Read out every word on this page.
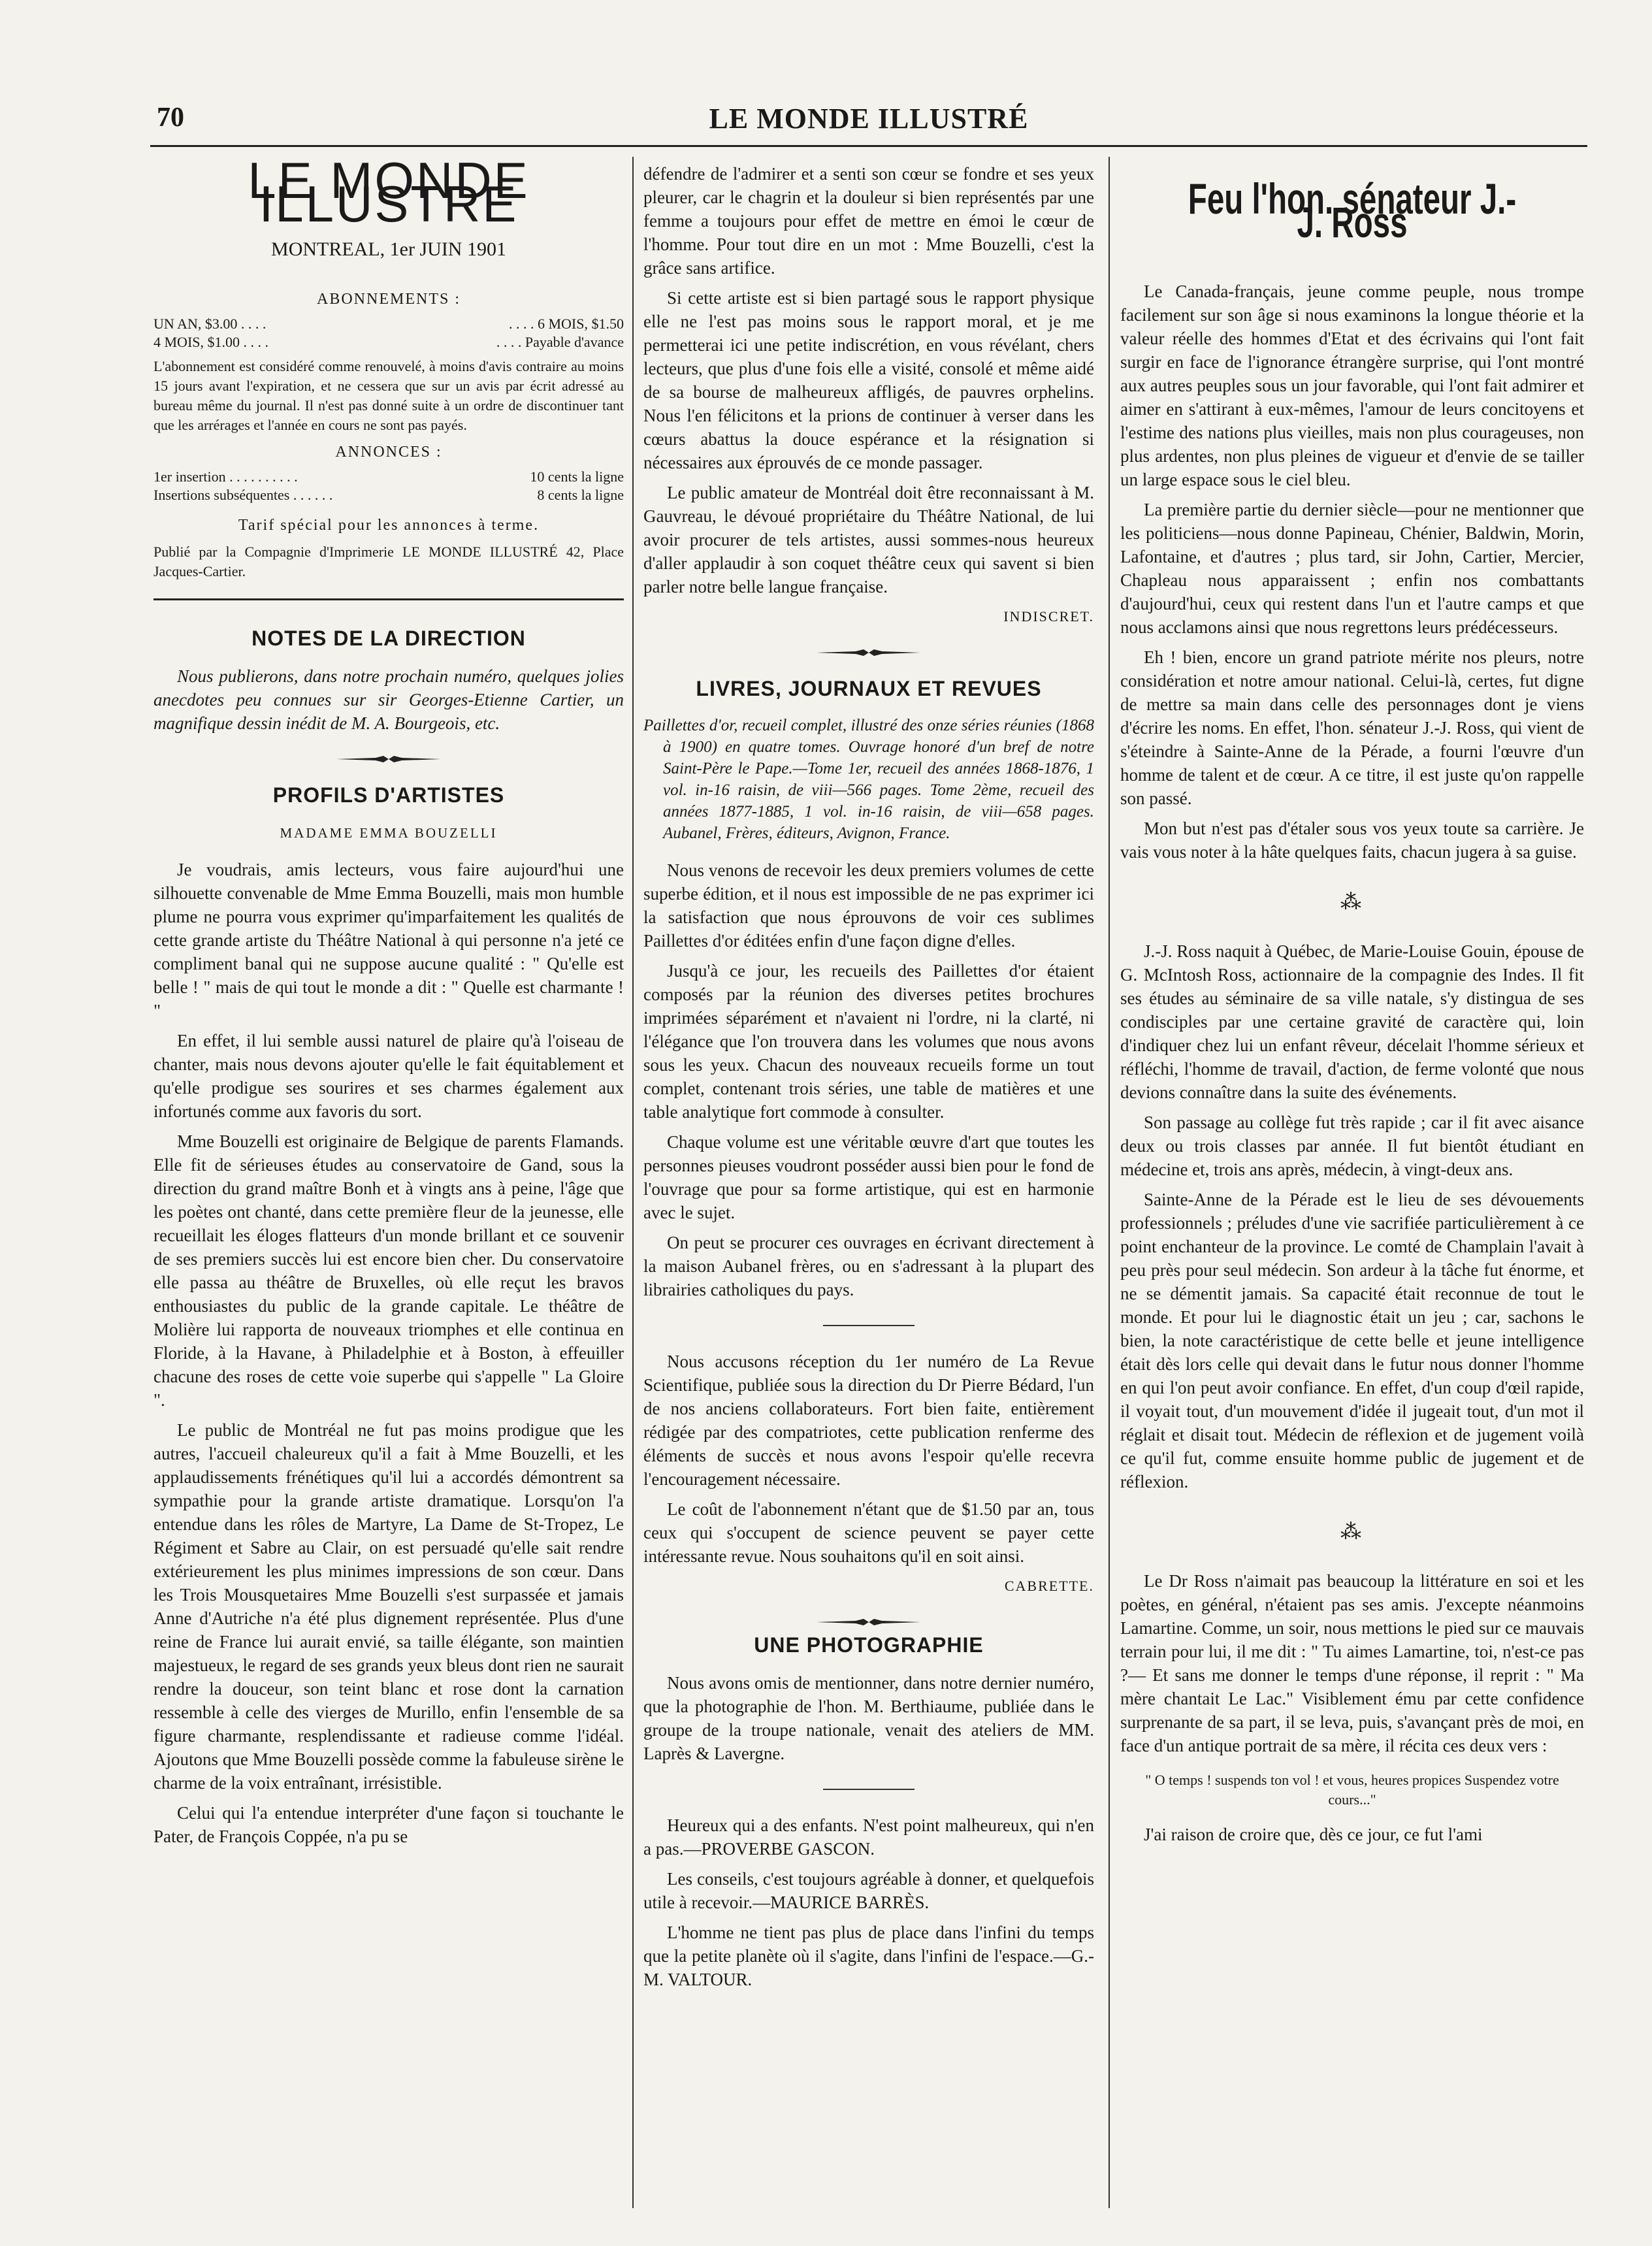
70	LE MONDE ILLUSTRÉ
LE MONDE ILLUSTRE
MONTREAL, 1er JUIN 1901
ABONNEMENTS :
UN AN, $3.00 . . . .	. . . . 6 MOIS, $1.50
4 MOIS, $1.00 . . . .	. . . . Payable d'avance
L'abonnement est considéré comme renouvelé, à moins d'avis contraire au moins 15 jours avant l'expiration, et ne cessera que sur un avis par écrit adressé au bureau même du journal. Il n'est pas donné suite à un ordre de discontinuer tant que les arrérages et l'année en cours ne sont pas payés.
ANNONCES :
1er insertion . . . . . . . . . .	10 cents la ligne
Insertions subséquentes . . . . . .	8 cents la ligne
Tarif spécial pour les annonces à terme.
Publié par la Compagnie d'Imprimerie LE MONDE ILLUSTRÉ 42, Place Jacques-Cartier.
NOTES DE LA DIRECTION

Nous publierons, dans notre prochain numéro, quelques jolies anecdotes peu connues sur sir Georges-Etienne Cartier, un magnifique dessin inédit de M. A. Bourgeois, etc.

PROFILS D'ARTISTES
MADAME EMMA BOUZELLI

Je voudrais, amis lecteurs, vous faire aujourd'hui une silhouette convenable de Mme Emma Bouzelli, mais mon humble plume ne pourra vous exprimer qu'imparfaitement les qualités de cette grande artiste du Théâtre National à qui personne n'a jeté ce compliment banal qui ne suppose aucune qualité : " Qu'elle est belle ! " mais de qui tout le monde a dit : " Quelle est charmante ! "

En effet, il lui semble aussi naturel de plaire qu'à l'oiseau de chanter, mais nous devons ajouter qu'elle le fait équitablement et qu'elle prodigue ses sourires et ses charmes également aux infortunés comme aux favoris du sort.

Mme Bouzelli est originaire de Belgique de parents Flamands. Elle fit de sérieuses études au conservatoire de Gand, sous la direction du grand maître Bonh et à vingts ans à peine, l'âge que les poètes ont chanté, dans cette première fleur de la jeunesse, elle recueillait les éloges flatteurs d'un monde brillant et ce souvenir de ses premiers succès lui est encore bien cher. Du conservatoire elle passa au théâtre de Bruxelles, où elle reçut les bravos enthousiastes du public de la grande capitale. Le théâtre de Molière lui rapporta de nouveaux triomphes et elle continua en Floride, à la Havane, à Philadelphie et à Boston, à effeuiller chacune des roses de cette voie superbe qui s'appelle " La Gloire ".

Le public de Montréal ne fut pas moins prodigue que les autres, l'accueil chaleureux qu'il a fait à Mme Bouzelli, et les applaudissements frénétiques qu'il lui a accordés démontrent sa sympathie pour la grande artiste dramatique. Lorsqu'on l'a entendue dans les rôles de Martyre, La Dame de St-Tropez, Le Régiment et Sabre au Clair, on est persuadé qu'elle sait rendre extérieurement les plus minimes impressions de son cœur. Dans les Trois Mousquetaires Mme Bouzelli s'est surpassée et jamais Anne d'Autriche n'a été plus dignement représentée. Plus d'une reine de France lui aurait envié, sa taille élégante, son maintien majestueux, le regard de ses grands yeux bleus dont rien ne saurait rendre la douceur, son teint blanc et rose dont la carnation ressemble à celle des vierges de Murillo, enfin l'ensemble de sa figure charmante, resplendissante et radieuse comme l'idéal. Ajoutons que Mme Bouzelli possède comme la fabuleuse sirène le charme de la voix entraînant, irrésistible.

Celui qui l'a entendue interpréter d'une façon si touchante le Pater, de François Coppée, n'a pu se

défendre de l'admirer et a senti son cœur se fondre et ses yeux pleurer, car le chagrin et la douleur si bien représentés par une femme a toujours pour effet de mettre en émoi le cœur de l'homme. Pour tout dire en un mot : Mme Bouzelli, c'est la grâce sans artifice.

Si cette artiste est si bien partagé sous le rapport physique elle ne l'est pas moins sous le rapport moral, et je me permetterai ici une petite indiscrétion, en vous révélant, chers lecteurs, que plus d'une fois elle a visité, consolé et même aidé de sa bourse de malheureux affligés, de pauvres orphelins. Nous l'en félicitons et la prions de continuer à verser dans les cœurs abattus la douce espérance et la résignation si nécessaires aux éprouvés de ce monde passager.

Le public amateur de Montréal doit être reconnaissant à M. Gauvreau, le dévoué propriétaire du Théâtre National, de lui avoir procurer de tels artistes, aussi sommes-nous heureux d'aller applaudir à son coquet théâtre ceux qui savent si bien parler notre belle langue française.

INDISCRET.
LIVRES, JOURNAUX ET REVUES
Paillettes d'or, recueil complet, illustré des onze séries réunies (1868 à 1900) en quatre tomes. Ouvrage honoré d'un bref de notre Saint-Père le Pape.—Tome 1er, recueil des années 1868-1876, 1 vol. in-16 raisin, de viii—566 pages. Tome 2ème, recueil des années 1877-1885, 1 vol. in-16 raisin, de viii—658 pages. Aubanel, Frères, éditeurs, Avignon, France.

Nous venons de recevoir les deux premiers volumes de cette superbe édition, et il nous est impossible de ne pas exprimer ici la satisfaction que nous éprouvons de voir ces sublimes Paillettes d'or éditées enfin d'une façon digne d'elles.

Jusqu'à ce jour, les recueils des Paillettes d'or étaient composés par la réunion des diverses petites brochures imprimées séparément et n'avaient ni l'ordre, ni la clarté, ni l'élégance que l'on trouvera dans les volumes que nous avons sous les yeux. Chacun des nouveaux recueils forme un tout complet, contenant trois séries, une table de matières et une table analytique fort commode à consulter.

Chaque volume est une véritable œuvre d'art que toutes les personnes pieuses voudront posséder aussi bien pour le fond de l'ouvrage que pour sa forme artistique, qui est en harmonie avec le sujet.

On peut se procurer ces ouvrages en écrivant directement à la maison Aubanel frères, ou en s'adressant à la plupart des librairies catholiques du pays.

Nous accusons réception du 1er numéro de La Revue Scientifique, publiée sous la direction du Dr Pierre Bédard, l'un de nos anciens collaborateurs. Fort bien faite, entièrement rédigée par des compatriotes, cette publication renferme des éléments de succès et nous avons l'espoir qu'elle recevra l'encouragement nécessaire.

Le coût de l'abonnement n'étant que de $1.50 par an, tous ceux qui s'occupent de science peuvent se payer cette intéressante revue. Nous souhaitons qu'il en soit ainsi.

CABRETTE.
UNE PHOTOGRAPHIE

Nous avons omis de mentionner, dans notre dernier numéro, que la photographie de l'hon. M. Berthiaume, publiée dans le groupe de la troupe nationale, venait des ateliers de MM. Laprès & Lavergne.

Heureux qui a des enfants. N'est point malheureux, qui n'en a pas.—PROVERBE GASCON.

Les conseils, c'est toujours agréable à donner, et quelquefois utile à recevoir.—MAURICE BARRÈS.

L'homme ne tient pas plus de place dans l'infini du temps que la petite planète où il s'agite, dans l'infini de l'espace.—G.-M. VALTOUR.

Feu l'hon. sénateur J.-J. Ross

Le Canada-français, jeune comme peuple, nous trompe facilement sur son âge si nous examinons la longue théorie et la valeur réelle des hommes d'Etat et des écrivains qui l'ont fait surgir en face de l'ignorance étrangère surprise, qui l'ont montré aux autres peuples sous un jour favorable, qui l'ont fait admirer et aimer en s'attirant à eux-mêmes, l'amour de leurs concitoyens et l'estime des nations plus vieilles, mais non plus courageuses, non plus ardentes, non plus pleines de vigueur et d'envie de se tailler un large espace sous le ciel bleu.

La première partie du dernier siècle—pour ne mentionner que les politiciens—nous donne Papineau, Chénier, Baldwin, Morin, Lafontaine, et d'autres ; plus tard, sir John, Cartier, Mercier, Chapleau nous apparaissent ; enfin nos combattants d'aujourd'hui, ceux qui restent dans l'un et l'autre camps et que nous acclamons ainsi que nous regrettons leurs prédécesseurs.

Eh ! bien, encore un grand patriote mérite nos pleurs, notre considération et notre amour national. Celui-là, certes, fut digne de mettre sa main dans celle des personnages dont je viens d'écrire les noms. En effet, l'hon. sénateur J.-J. Ross, qui vient de s'éteindre à Sainte-Anne de la Pérade, a fourni l'œuvre d'un homme de talent et de cœur. A ce titre, il est juste qu'on rappelle son passé.

Mon but n'est pas d'étaler sous vos yeux toute sa carrière. Je vais vous noter à la hâte quelques faits, chacun jugera à sa guise.

⁂

J.-J. Ross naquit à Québec, de Marie-Louise Gouin, épouse de G. McIntosh Ross, actionnaire de la compagnie des Indes. Il fit ses études au séminaire de sa ville natale, s'y distingua de ses condisciples par une certaine gravité de caractère qui, loin d'indiquer chez lui un enfant rêveur, décelait l'homme sérieux et réfléchi, l'homme de travail, d'action, de ferme volonté que nous devions connaître dans la suite des événements.

Son passage au collège fut très rapide ; car il fit avec aisance deux ou trois classes par année. Il fut bientôt étudiant en médecine et, trois ans après, médecin, à vingt-deux ans.

Sainte-Anne de la Pérade est le lieu de ses dévouements professionnels ; préludes d'une vie sacrifiée particulièrement à ce point enchanteur de la province. Le comté de Champlain l'avait à peu près pour seul médecin. Son ardeur à la tâche fut énorme, et ne se démentit jamais. Sa capacité était reconnue de tout le monde. Et pour lui le diagnostic était un jeu ; car, sachons le bien, la note caractéristique de cette belle et jeune intelligence était dès lors celle qui devait dans le futur nous donner l'homme en qui l'on peut avoir confiance. En effet, d'un coup d'œil rapide, il voyait tout, d'un mouvement d'idée il jugeait tout, d'un mot il réglait et disait tout. Médecin de réflexion et de jugement voilà ce qu'il fut, comme ensuite homme public de jugement et de réflexion.

⁂

Le Dr Ross n'aimait pas beaucoup la littérature en soi et les poètes, en général, n'étaient pas ses amis. J'excepte néanmoins Lamartine. Comme, un soir, nous mettions le pied sur ce mauvais terrain pour lui, il me dit : " Tu aimes Lamartine, toi, n'est-ce pas ?— Et sans me donner le temps d'une réponse, il reprit : " Ma mère chantait Le Lac." Visiblement ému par cette confidence surprenante de sa part, il se leva, puis, s'avançant près de moi, en face d'un antique portrait de sa mère, il récita ces deux vers :

" O temps ! suspends ton vol ! et vous, heures propices Suspendez votre cours..."

J'ai raison de croire que, dès ce jour, ce fut l'ami
